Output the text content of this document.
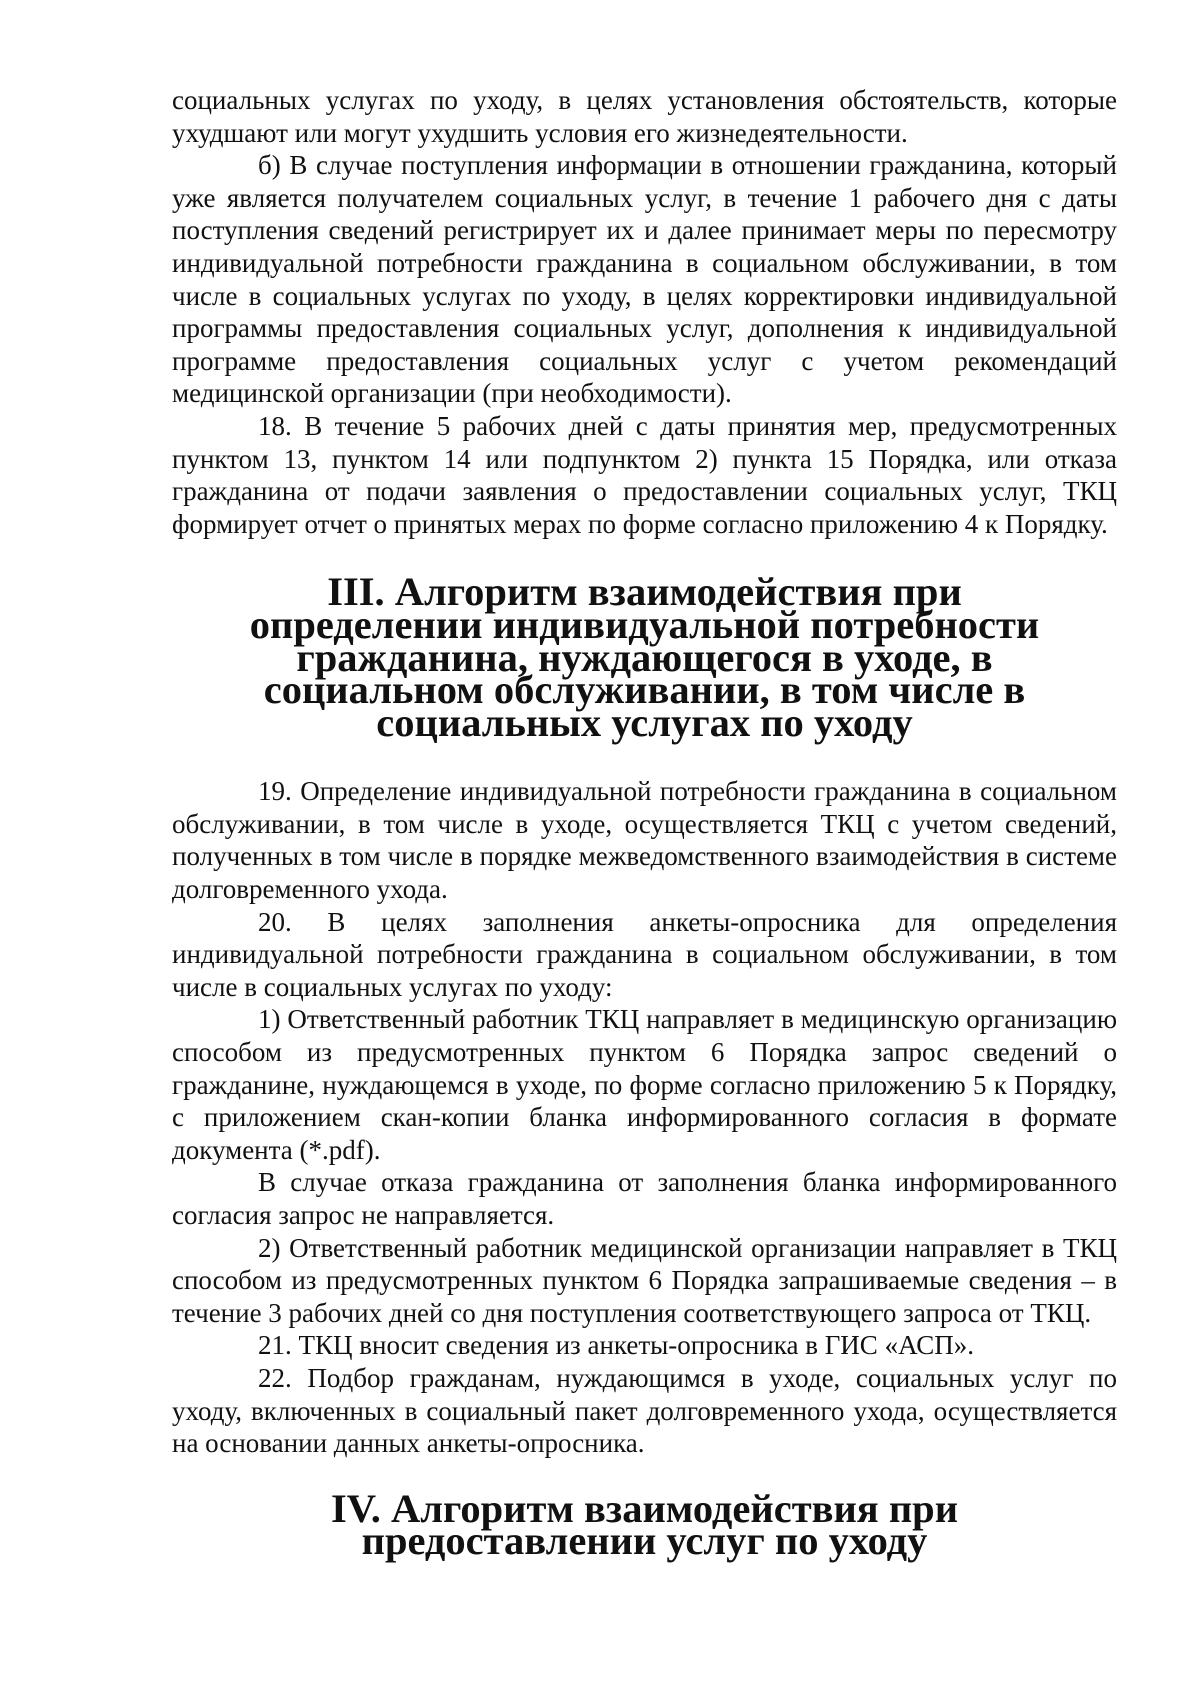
социальных услугах по уходу, в целях установления обстоятельств, которые ухудшают или могут ухудшить условия его жизнедеятельности.

б) В случае поступления информации в отношении гражданина, который уже является получателем социальных услуг, в течение 1 рабочего дня с даты поступления сведений регистрирует их и далее принимает меры по пересмотру индивидуальной потребности гражданина в социальном обслуживании, в том числе в социальных услугах по уходу, в целях корректировки индивидуальной программы предоставления социальных услуг, дополнения к индивидуальной программе предоставления социальных услуг с учетом рекомендаций медицинской организации (при необходимости).

18. В течение 5 рабочих дней с даты принятия мер, предусмотренных пунктом 13, пунктом 14 или подпунктом 2) пункта 15 Порядка, или отказа гражданина от подачи заявления о предоставлении социальных услуг, ТКЦ формирует отчет о принятых мерах по форме согласно приложению 4 к Порядку.

III. Алгоритм взаимодействия при определении индивидуальной потребности гражданина, нуждающегося в уходе, в социальном обслуживании, в том числе в социальных услугах по уходу

19. Определение индивидуальной потребности гражданина в социальном обслуживании, в том числе в уходе, осуществляется ТКЦ с учетом сведений, полученных в том числе в порядке межведомственного взаимодействия в системе долговременного ухода.

20. В целях заполнения анкеты-опросника для определения индивидуальной потребности гражданина в социальном обслуживании, в том числе в социальных услугах по уходу:

1) Ответственный работник ТКЦ направляет в медицинскую организацию способом из предусмотренных пунктом 6 Порядка запрос сведений о гражданине, нуждающемся в уходе, по форме согласно приложению 5 к Порядку, с приложением скан-копии бланка информированного согласия в формате документа (*.pdf).

В случае отказа гражданина от заполнения бланка информированного согласия запрос не направляется.

2) Ответственный работник медицинской организации направляет в ТКЦ способом из предусмотренных пунктом 6 Порядка запрашиваемые сведения – в течение 3 рабочих дней со дня поступления соответствующего запроса от ТКЦ.

21. ТКЦ вносит сведения из анкеты-опросника в ГИС «АСП».

22. Подбор гражданам, нуждающимся в уходе, социальных услуг по уходу, включенных в социальный пакет долговременного ухода, осуществляется на основании данных анкеты-опросника.

IV. Алгоритм взаимодействия при предоставлении услуг по уходу
